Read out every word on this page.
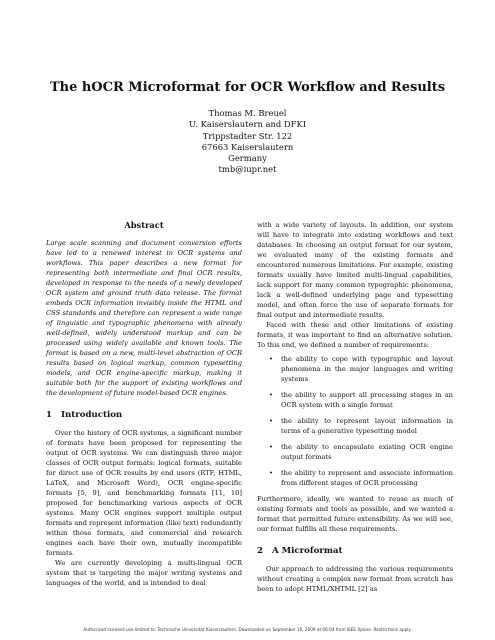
The hOCR Microformat for OCR Workflow and Results
Thomas M. Breuel
U. Kaiserslautern and DFKI
Trippstadter Str. 122
67663 Kaiserslautern
Germany
tmb@iupr.net
Abstract

Large scale scanning and document conversion efforts have led to a renewed interest in OCR systems and workflows. This paper describes a new format for representing both intermediate and final OCR results, developed in response to the needs of a newly developed OCR system and ground truth data release. The format embeds OCR information invisibly inside the HTML and CSS standards and therefore can represent a wide range of linguistic and typographic phenomena with already well-defined, widely understood markup and can be processed using widely available and known tools. The format is based on a new, multi-level abstraction of OCR results based on logical markup, common typesetting models, and OCR engine-specific markup, making it suitable both for the support of existing workflows and the development of future model-based OCR engines.

1 Introduction

Over the history of OCR systems, a significant number of formats have been proposed for representing the output of OCR systems. We can distinguish three major classes of OCR output formats: logical formats, suitable for direct use of OCR results by end users (RTF, HTML, LaTeX, and Microsoft Word), OCR engine-specific formats [5, 9], and benchmarking formats [11, 10] proposed for benchmarking various aspects of OCR systems. Many OCR engines support multiple output formats and represent information (like text) redundantly within those formats, and commercial and research engines each have their own, mutually incompatible formats.

We are currently developing a multi-lingual OCR system that is targeting the major writing systems and languages of the world, and is intended to deal

with a wide variety of layouts. In addition, our system will have to integrate into existing workflows and text databases. In choosing an output format for our system, we evaluated many of the existing formats and encountered numerous limitations. For example, existing formats usually have limited multi-lingual capabilities, lack support for many common typographic phenomena, lack a well-defined underlying page and typesetting model, and often force the use of separate formats for final output and intermediate results.

Faced with these and other limitations of existing formats, it was important to find an alternative solution. To this end, we defined a number of requirements:

• the ability to cope with typographic and layout phenomena in the major languages and writing systems
• the ability to support all processing stages in an OCR system with a single format
• the ability to represent layout information in terms of a generative typesetting model
• the ability to encapsulate existing OCR engine output formats
• the ability to represent and associate information from different stages of OCR processing

Furthermore, ideally, we wanted to reuse as much of existing formats and tools as possible, and we wanted a format that permitted future extensibility. As we will see, our format fulfills all these requirements.

2 A Microformat

Our approach to addressing the various requirements without creating a complex new format from scratch has been to adopt HTML/XHTML [2] as

Authorized licensed use limited to: Technische Universitat Kaiserslautern. Downloaded on September 10, 2009 at 06:04 from IEEE Xplore. Restrictions apply.
